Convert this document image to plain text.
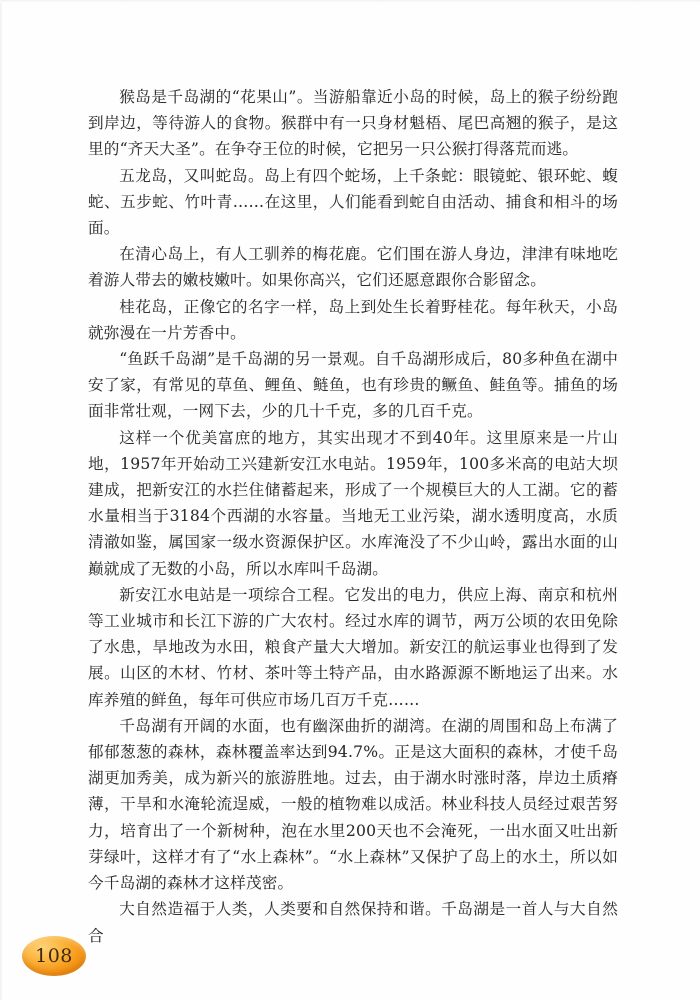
猴岛是千岛湖的“花果山”。当游船靠近小岛的时候，岛上的猴子纷纷跑到岸边，等待游人的食物。猴群中有一只身材魁梧、尾巴高翘的猴子，是这里的“齐天大圣”。在争夺王位的时候，它把另一只公猴打得落荒而逃。

五龙岛，又叫蛇岛。岛上有四个蛇场，上千条蛇：眼镜蛇、银环蛇、蝮蛇、五步蛇、竹叶青……在这里，人们能看到蛇自由活动、捕食和相斗的场面。

在清心岛上，有人工驯养的梅花鹿。它们围在游人身边，津津有味地吃着游人带去的嫩枝嫩叶。如果你高兴，它们还愿意跟你合影留念。

桂花岛，正像它的名字一样，岛上到处生长着野桂花。每年秋天，小岛就弥漫在一片芳香中。

“鱼跃千岛湖”是千岛湖的另一景观。自千岛湖形成后，80多种鱼在湖中安了家，有常见的草鱼、鲤鱼、鲢鱼，也有珍贵的鳜鱼、鲑鱼等。捕鱼的场面非常壮观，一网下去，少的几十千克，多的几百千克。

这样一个优美富庶的地方，其实出现才不到40年。这里原来是一片山地，1957年开始动工兴建新安江水电站。1959年，100多米高的电站大坝建成，把新安江的水拦住储蓄起来，形成了一个规模巨大的人工湖。它的蓄水量相当于3184个西湖的水容量。当地无工业污染，湖水透明度高，水质清澈如鉴，属国家一级水资源保护区。水库淹没了不少山岭，露出水面的山巅就成了无数的小岛，所以水库叫千岛湖。

新安江水电站是一项综合工程。它发出的电力，供应上海、南京和杭州等工业城市和长江下游的广大农村。经过水库的调节，两万公顷的农田免除了水患，旱地改为水田，粮食产量大大增加。新安江的航运事业也得到了发展。山区的木材、竹材、茶叶等土特产品，由水路源源不断地运了出来。水库养殖的鲜鱼，每年可供应市场几百万千克……

千岛湖有开阔的水面，也有幽深曲折的湖湾。在湖的周围和岛上布满了郁郁葱葱的森林，森林覆盖率达到94.7%。正是这大面积的森林，才使千岛湖更加秀美，成为新兴的旅游胜地。过去，由于湖水时涨时落，岸边土质瘠薄，干旱和水淹轮流逞威，一般的植物难以成活。林业科技人员经过艰苦努力，培育出了一个新树种，泡在水里200天也不会淹死，一出水面又吐出新芽绿叶，这样才有了“水上森林”。“水上森林”又保护了岛上的水土，所以如今千岛湖的森林才这样茂密。

大自然造福于人类，人类要和自然保持和谐。千岛湖是一首人与大自然合

108
